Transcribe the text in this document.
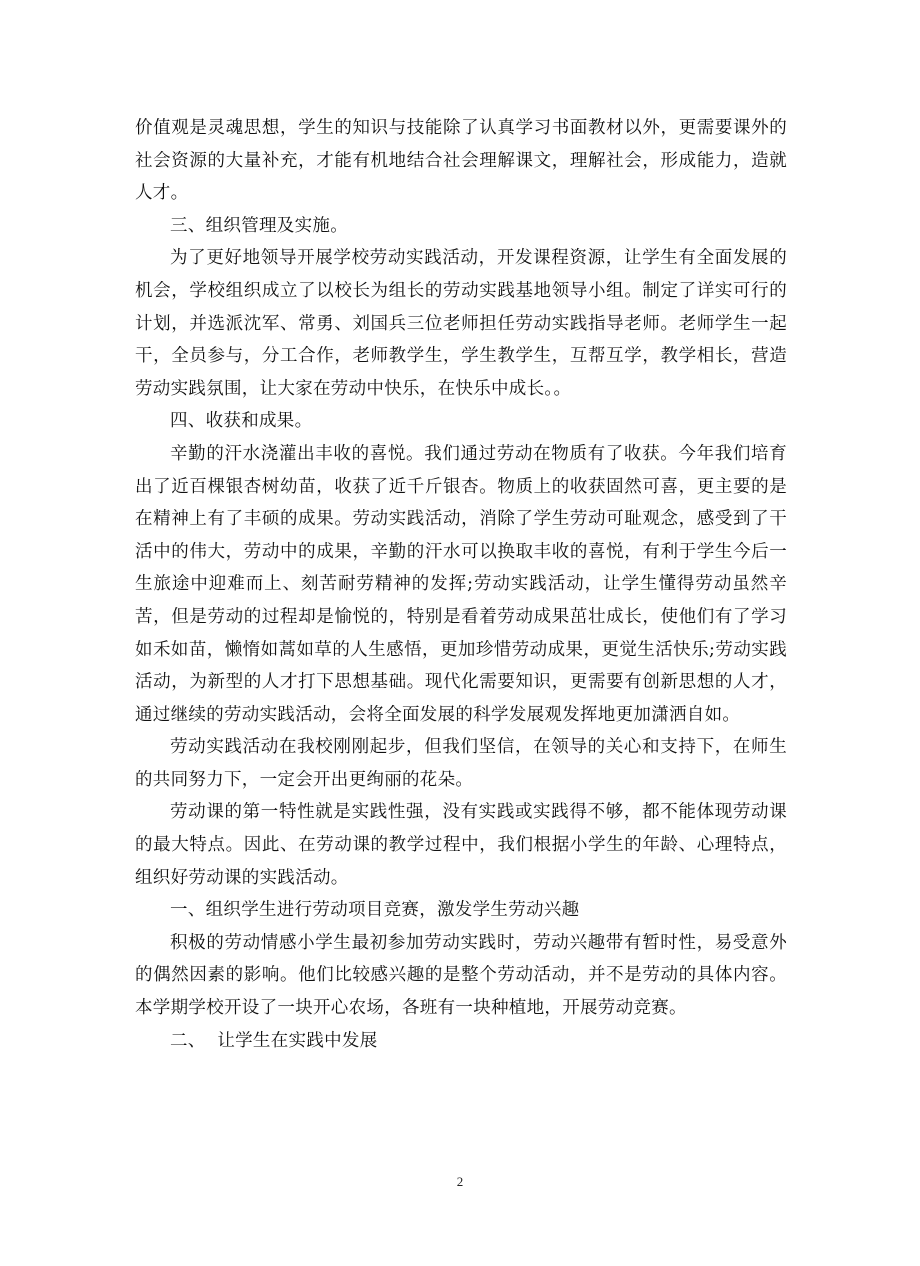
价值观是灵魂思想，学生的知识与技能除了认真学习书面教材以外，更需要课外的社会资源的大量补充，才能有机地结合社会理解课文，理解社会，形成能力，造就人才。

三、组织管理及实施。

为了更好地领导开展学校劳动实践活动，开发课程资源，让学生有全面发展的机会，学校组织成立了以校长为组长的劳动实践基地领导小组。制定了详实可行的计划，并选派沈军、常勇、刘国兵三位老师担任劳动实践指导老师。老师学生一起干，全员参与，分工合作，老师教学生，学生教学生，互帮互学，教学相长，营造劳动实践氛围，让大家在劳动中快乐，在快乐中成长。。

四、收获和成果。

辛勤的汗水浇灌出丰收的喜悦。我们通过劳动在物质有了收获。今年我们培育出了近百棵银杏树幼苗，收获了近千斤银杏。物质上的收获固然可喜，更主要的是在精神上有了丰硕的成果。劳动实践活动，消除了学生劳动可耻观念，感受到了干活中的伟大，劳动中的成果，辛勤的汗水可以换取丰收的喜悦，有利于学生今后一生旅途中迎难而上、刻苦耐劳精神的发挥;劳动实践活动，让学生懂得劳动虽然辛苦，但是劳动的过程却是愉悦的，特别是看着劳动成果茁壮成长，使他们有了学习如禾如苗，懒惰如蒿如草的人生感悟，更加珍惜劳动成果，更觉生活快乐;劳动实践活动，为新型的人才打下思想基础。现代化需要知识，更需要有创新思想的人才，通过继续的劳动实践活动，会将全面发展的科学发展观发挥地更加潇洒自如。

劳动实践活动在我校刚刚起步，但我们坚信，在领导的关心和支持下，在师生的共同努力下，一定会开出更绚丽的花朵。

劳动课的第一特性就是实践性强，没有实践或实践得不够，都不能体现劳动课的最大特点。因此、在劳动课的教学过程中，我们根据小学生的年龄、心理特点，组织好劳动课的实践活动。

一、组织学生进行劳动项目竞赛，激发学生劳动兴趣

积极的劳动情感小学生最初参加劳动实践时，劳动兴趣带有暂时性，易受意外的偶然因素的影响。他们比较感兴趣的是整个劳动活动，并不是劳动的具体内容。本学期学校开设了一块开心农场，各班有一块种植地，开展劳动竞赛。

二、  让学生在实践中发展

2
